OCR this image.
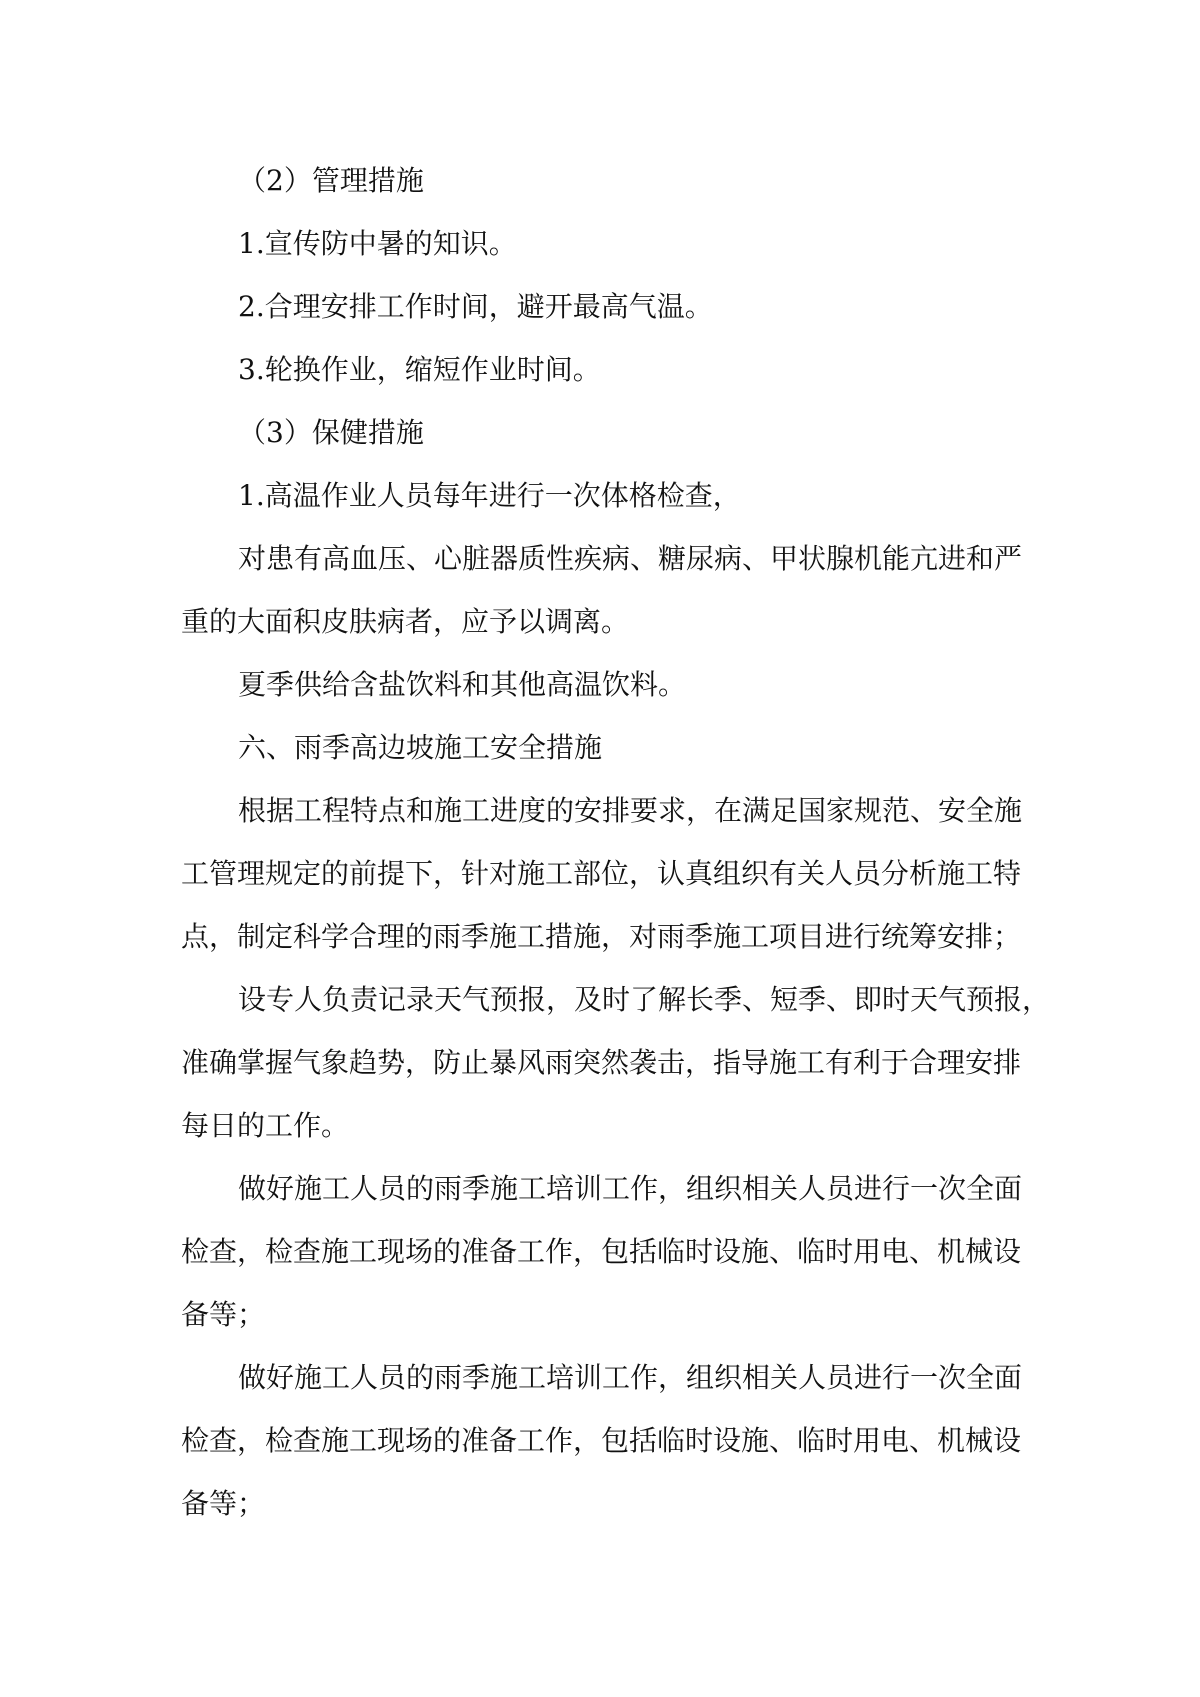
（2）管理措施
1.宣传防中暑的知识。
2.合理安排工作时间，避开最高气温。
3.轮换作业，缩短作业时间。
（3）保健措施
1.高温作业人员每年进行一次体格检查，
对患有高血压、心脏器质性疾病、糖尿病、甲状腺机能亢进和严
重的大面积皮肤病者，应予以调离。
夏季供给含盐饮料和其他高温饮料。
六、雨季高边坡施工安全措施
根据工程特点和施工进度的安排要求，在满足国家规范、安全施
工管理规定的前提下，针对施工部位，认真组织有关人员分析施工特
点，制定科学合理的雨季施工措施，对雨季施工项目进行统筹安排；
设专人负责记录天气预报，及时了解长季、短季、即时天气预报，
准确掌握气象趋势，防止暴风雨突然袭击，指导施工有利于合理安排
每日的工作。
做好施工人员的雨季施工培训工作，组织相关人员进行一次全面
检查，检查施工现场的准备工作，包括临时设施、临时用电、机械设
备等；
做好施工人员的雨季施工培训工作，组织相关人员进行一次全面
检查，检查施工现场的准备工作，包括临时设施、临时用电、机械设
备等；
